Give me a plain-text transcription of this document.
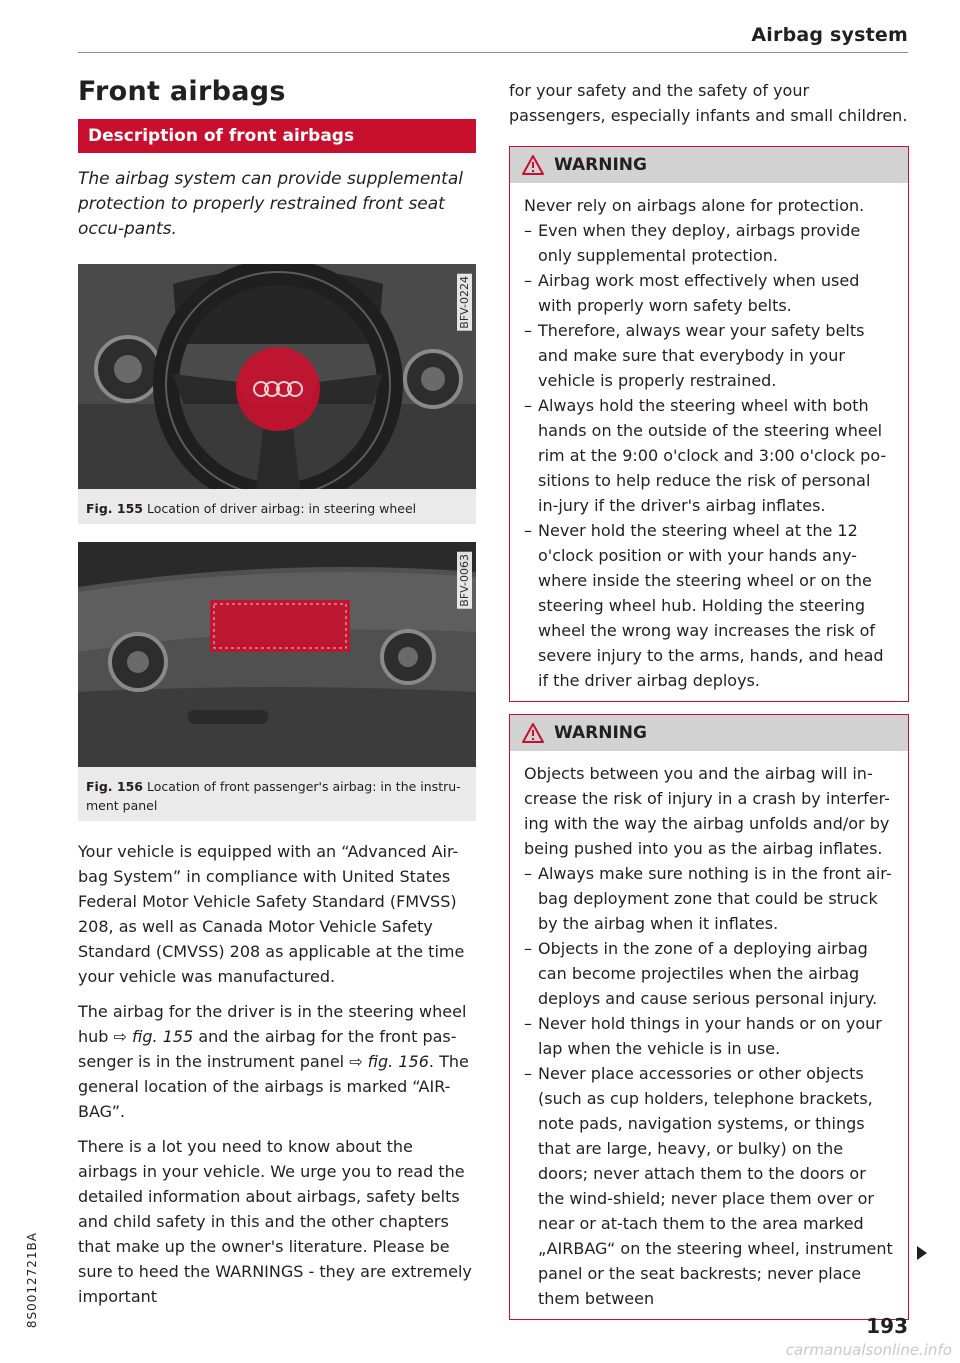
Airbag system
Front airbags
Description of front airbags

The airbag system can provide supplemental protection to properly restrained front seat occu-pants.

BFV-0224
Fig. 155 Location of driver airbag: in steering wheel
BFV-0063
Fig. 156 Location of front passenger's airbag: in the instru-ment panel

Your vehicle is equipped with an “Advanced Air-bag System” in compliance with United States Federal Motor Vehicle Safety Standard (FMVSS) 208, as well as Canada Motor Vehicle Safety Standard (CMVSS) 208 as applicable at the time your vehicle was manufactured.

The airbag for the driver is in the steering wheel hub ⇨ fig. 155 and the airbag for the front pas-senger is in the instrument panel ⇨ fig. 156. The general location of the airbags is marked “AIR-BAG”.

There is a lot you need to know about the airbags in your vehicle. We urge you to read the detailed information about airbags, safety belts and child safety in this and the other chapters that make up the owner's literature. Please be sure to heed the WARNINGS - they are extremely important

for your safety and the safety of your passengers, especially infants and small children.

WARNING

Never rely on airbags alone for protection.

– Even when they deploy, airbags provide only supplemental protection.
– Airbag work most effectively when used with properly worn safety belts.
– Therefore, always wear your safety belts and make sure that everybody in your vehicle is properly restrained.
– Always hold the steering wheel with both hands on the outside of the steering wheel rim at the 9:00 o'clock and 3:00 o'clock po-sitions to help reduce the risk of personal in-jury if the driver's airbag inflates.
– Never hold the steering wheel at the 12 o'clock position or with your hands any-where inside the steering wheel or on the steering wheel hub. Holding the steering wheel the wrong way increases the risk of severe injury to the arms, hands, and head if the driver airbag deploys.
WARNING

Objects between you and the airbag will in-crease the risk of injury in a crash by interfer-ing with the way the airbag unfolds and/or by being pushed into you as the airbag inflates.

– Always make sure nothing is in the front air-bag deployment zone that could be struck by the airbag when it inflates.
– Objects in the zone of a deploying airbag can become projectiles when the airbag deploys and cause serious personal injury.
– Never hold things in your hands or on your lap when the vehicle is in use.
– Never place accessories or other objects (such as cup holders, telephone brackets, note pads, navigation systems, or things that are large, heavy, or bulky) on the doors; never attach them to the doors or the wind-shield; never place them over or near or at-tach them to the area marked „AIRBAG“ on the steering wheel, instrument panel or the seat backrests; never place them between
193
8S0012721BA
carmanualsonline.info
